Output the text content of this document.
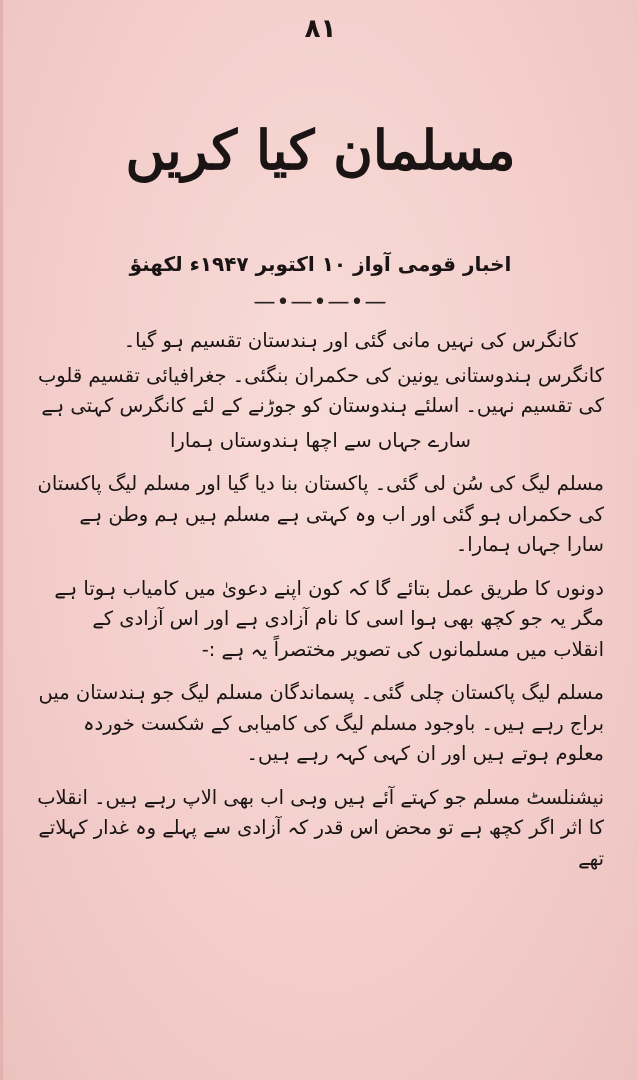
۸۱
مسلمان کیا کریں
اخبار قومی آواز ۱۰ اکتوبر ۱۹۴۷ء لکھنؤ
—•—•—•—

کانگرس کی نہیں مانی گئی اور ہندستان تقسیم ہو گیا۔

کانگرس ہندوستانی یونین کی حکمران بنگئی۔ جغرافیائی تقسیم قلوب کی تقسیم نہیں۔ اسلئے ہندوستان کو جوڑنے کے لئے کانگرس کہتی ہے

سارے جہاں سے اچھا ہندوستاں ہمارا

مسلم لیگ کی سُن لی گئی۔ پاکستان بنا دیا گیا اور مسلم لیگ پاکستان کی حکمراں ہو گئی اور اب وہ کہتی ہے مسلم ہیں ہم وطن ہے سارا جہاں ہمارا۔

دونوں کا طریق عمل بتائے گا کہ کون اپنے دعویٰ میں کامیاب ہوتا ہے مگر یہ جو کچھ بھی ہوا اسی کا نام آزادی ہے اور اس آزادی کے انقلاب میں مسلمانوں کی تصویر مختصراً یہ ہے :-

مسلم لیگ پاکستان چلی گئی۔ پسماندگان مسلم لیگ جو ہندستان میں براج رہے ہیں۔ باوجود مسلم لیگ کی کامیابی کے شکست خوردہ معلوم ہوتے ہیں اور ان کہی کہہ رہے ہیں۔

نیشنلسٹ مسلم جو کہتے آئے ہیں وہی اب بھی الاپ رہے ہیں۔ انقلاب کا اثر اگر کچھ ہے تو محض اس قدر کہ آزادی سے پہلے وہ غدار کہلاتے تھے
